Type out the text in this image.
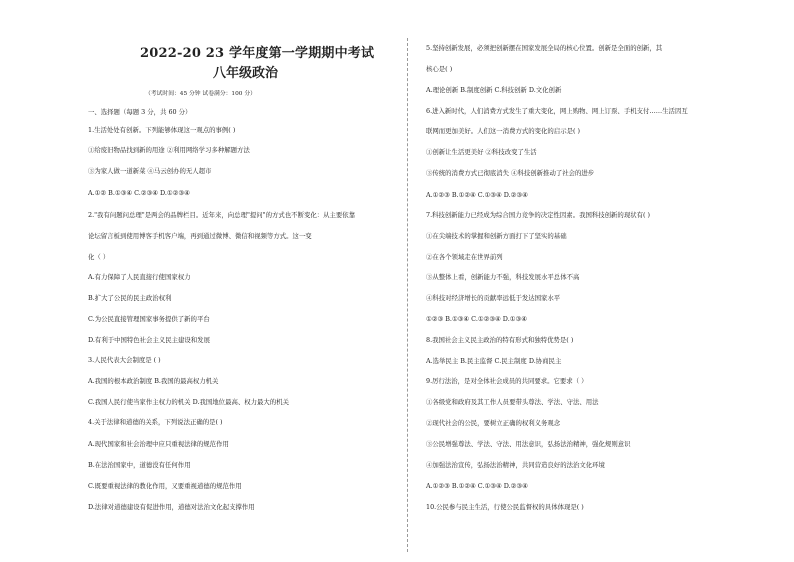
2022-20 23 学年度第一学期期中考试
八年级政治
（考试时间：45 分钟 试卷满分：100 分）
一、选择题（每题 3 分，共 60 分）
1.生活处处有创新。下列能够体现这一观点的事例( )
①给废旧物品找到新的用途 ②利用网络学习多种解题方法
③为家人做一道新菜 ④马云创办的无人超市
A.①② B.①③④ C.②③④ D.①②③④
2."我有问题问总理"是两会的品牌栏目。近年来，向总理"提问"的方式也不断变化：从主要依靠
论坛留言板到使用博客手机客户端，再到通过微博、微信和视频等方式。这一变
化（ ）
A.有力保障了人民直接行使国家权力
B.扩大了公民的民主政治权利
C.为公民直接管理国家事务提供了新的平台
D.有利于中国特色社会主义民主建设和发展
3.人民代表大会制度是 ( )
A.我国的根本政治制度 B.我国的最高权力机关
C.我国人民行使当家作主权力的机关 D.我国地位最高、权力最大的机关
4.关于法律和道德的关系，下列说法正确的是( )
A.现代国家和社会治理中应只重视法律的规范作用
B.在法治国家中，道德没有任何作用
C.既要重视法律的教化作用，又要重视道德的规范作用
D.法律对道德建设有促进作用，道德对法治文化起支撑作用
5.坚持创新发展，必须把创新摆在国家发展全局的核心位置。创新是全面的创新，其
核心是( )
A.理论创新 B.制度创新 C.科技创新 D.文化创新
6.进入新时代，人们消费方式发生了重大变化，网上购物、网上订票、手机支付……生活因互
联网而更加美好。人们这一消费方式的变化的启示是( )
①创新让生活更美好 ②科技改变了生活
③传统的消费方式已彻底消失 ④科技创新推动了社会的进步
A.①②③ B.①②④ C.①③④ D.②③④
7.科技创新能力已经成为综合国力竞争的决定性因素。我国科技创新的现状有( )
①在尖端技术的掌握和创新方面打下了坚实的基础
②在各个领域走在世界前列
③从整体上看，创新能力不强，科技发展水平总体不高
④科技对经济增长的贡献率远低于发达国家水平
①②③ B.①③④ C.①②③④ D.①③④
8.我国社会主义民主政治的特有形式和独特优势是( )
A.选举民主 B.民主监督 C.民主制度 D.协商民主
9.厉行法治，是对全体社会成员的共同要求。它要求（ ）
①各级党和政府及其工作人员要带头尊法、学法、守法、用法
②现代社会的公民，要树立正确的权利义务观念
③公民增强尊法、学法、守法、用法意识，弘扬法治精神，强化规则意识
④加强法治宣传，弘扬法治精神，共同营造良好的法治文化环境
A.①②③ B.①②④ C.①③④ D.②③④
10.公民参与民主生活，行使公民监督权的具体体现是( )
